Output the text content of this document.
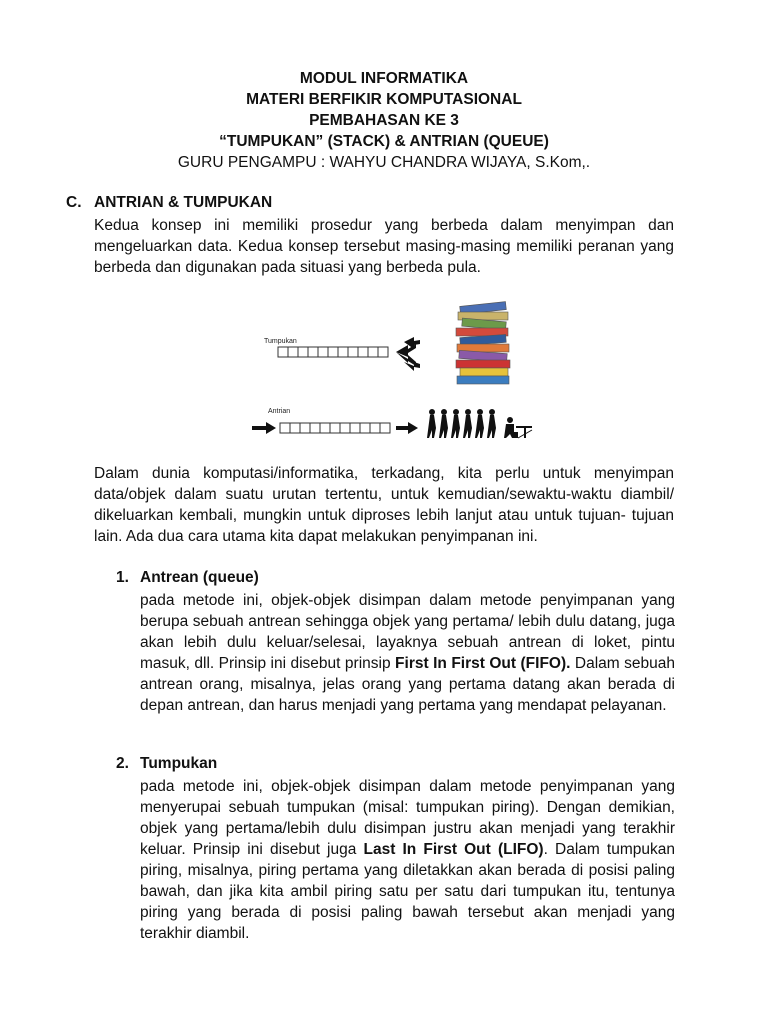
MODUL INFORMATIKA
MATERI BERFIKIR KOMPUTASIONAL
PEMBAHASAN KE 3
“TUMPUKAN” (STACK) & ANTRIAN (QUEUE)
GURU PENGAMPU : WAHYU CHANDRA WIJAYA, S.Kom,.
C. ANTRIAN & TUMPUKAN

Kedua konsep ini memiliki prosedur yang berbeda dalam menyimpan dan mengeluarkan data. Kedua konsep tersebut masing-masing memiliki peranan yang berbeda dan digunakan pada situasi yang berbeda pula.

Tumpukan
Antrian

Dalam dunia komputasi/informatika, terkadang, kita perlu untuk menyimpan data/objek dalam suatu urutan tertentu, untuk kemudian/sewaktu-waktu diambil/ dikeluarkan kembali, mungkin untuk diproses lebih lanjut atau untuk tujuan- tujuan lain. Ada dua cara utama kita dapat melakukan penyimpanan ini.

1. Antrean (queue)

pada metode ini, objek-objek disimpan dalam metode penyimpanan yang berupa sebuah antrean sehingga objek yang pertama/ lebih dulu datang, juga akan lebih dulu keluar/selesai, layaknya sebuah antrean di loket, pintu masuk, dll. Prinsip ini disebut prinsip First In First Out (FIFO). Dalam sebuah antrean orang, misalnya, jelas orang yang pertama datang akan berada di depan antrean, dan harus menjadi yang pertama yang mendapat pelayanan.

2. Tumpukan

pada metode ini, objek-objek disimpan dalam metode penyimpanan yang menyerupai sebuah tumpukan (misal: tumpukan piring). Dengan demikian, objek yang pertama/lebih dulu disimpan justru akan menjadi yang terakhir keluar. Prinsip ini disebut juga Last In First Out (LIFO). Dalam tumpukan piring, misalnya, piring pertama yang diletakkan akan berada di posisi paling bawah, dan jika kita ambil piring satu per satu dari tumpukan itu, tentunya piring yang berada di posisi paling bawah tersebut akan menjadi yang terakhir diambil.
